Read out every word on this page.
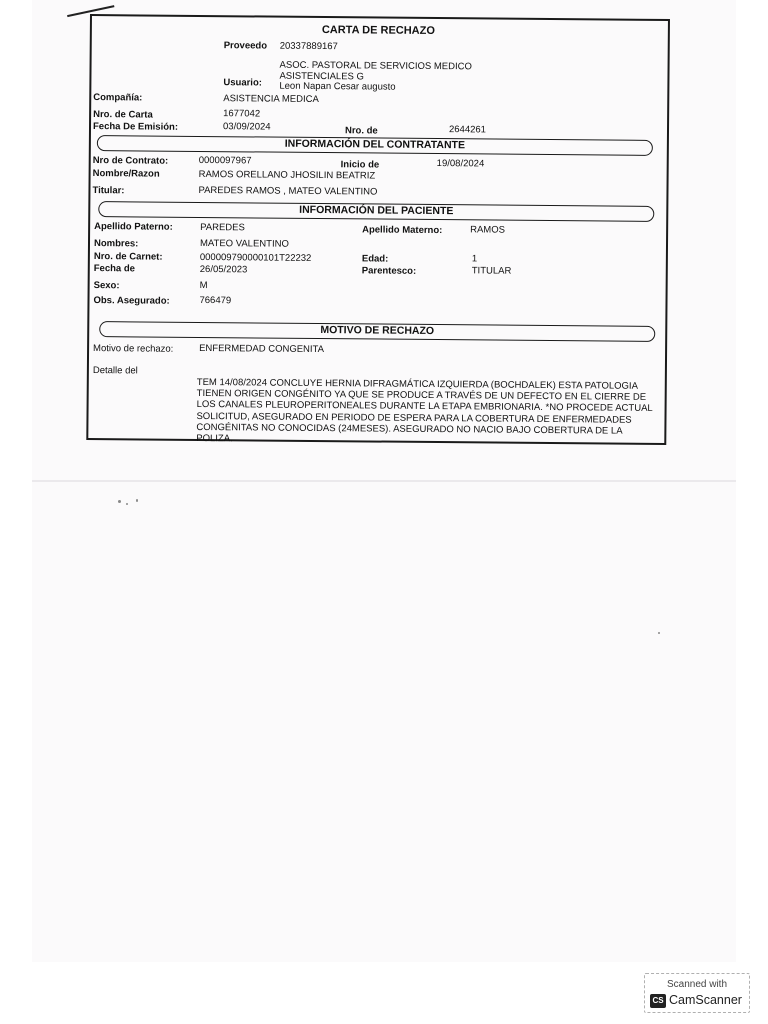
CARTA DE RECHAZO
Proveedo 20337889167
ASOC. PASTORAL DE SERVICIOS MEDICO
ASISTENCIALES G
Usuario: Leon Napan Cesar augusto
Compañía:	ASISTENCIA MEDICA
Nro. de Carta	1677042
Fecha De Emisión:	03/09/2024	Nro. de	2644261
INFORMACIÓN DEL CONTRATANTE
Nro de Contrato:	0000097967	Inicio de	19/08/2024
Nombre/Razon	RAMOS ORELLANO JHOSILIN BEATRIZ
Titular:	PAREDES RAMOS , MATEO VALENTINO
INFORMACIÓN DEL PACIENTE
Apellido Paterno:	PAREDES	Apellido Materno:	RAMOS
Nombres:	MATEO VALENTINO
Nro. de Carnet:	000009790000101T22232	Edad:	1
Fecha de	26/05/2023	Parentesco:	TITULAR
Sexo:	M
Obs. Asegurado:	766479
MOTIVO DE RECHAZO
Motivo de rechazo:	ENFERMEDAD CONGENITA
Detalle del
TEM 14/08/2024 CONCLUYE HERNIA DIFRAGMÁTICA IZQUIERDA (BOCHDALEK) ESTA PATOLOGIA TIENEN ORIGEN CONGÉNITO YA QUE SE PRODUCE A TRAVÉS DE UN DEFECTO EN EL CIERRE DE LOS CANALES PLEUROPERITONEALES DURANTE LA ETAPA EMBRIONARIA. *NO PROCEDE ACTUAL SOLICITUD, ASEGURADO EN PERIODO DE ESPERA PARA LA COBERTURA DE ENFERMEDADES CONGÉNITAS NO CONOCIDAS (24MESES). ASEGURADO NO NACIO BAJO COBERTURA DE LA POLIZA.
Scanned with
CS CamScanner
